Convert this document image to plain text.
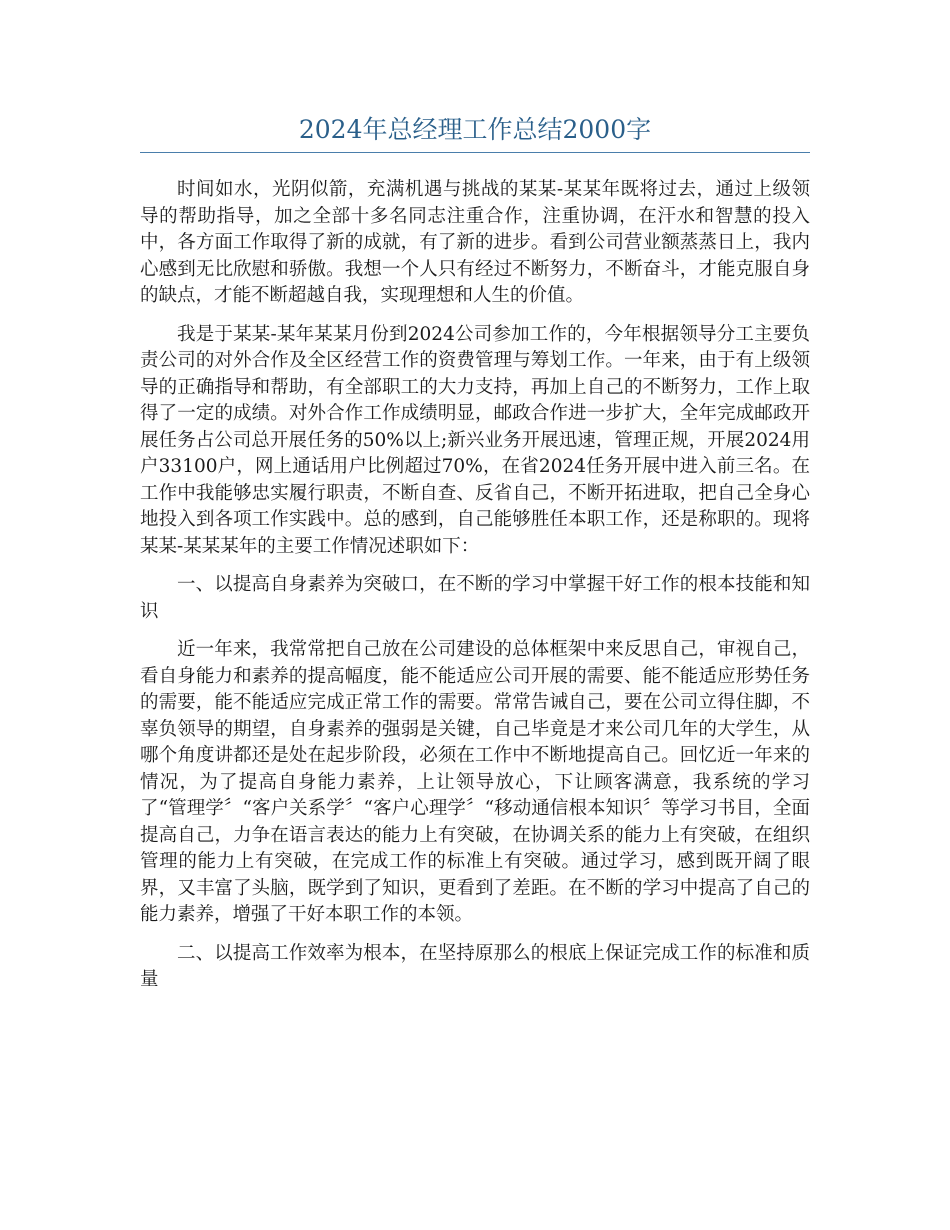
2024年总经理工作总结2000字

时间如水，光阴似箭，充满机遇与挑战的某某-某某年既将过去，通过上级领导的帮助指导，加之全部十多名同志注重合作，注重协调，在汗水和智慧的投入中，各方面工作取得了新的成就，有了新的进步。看到公司营业额蒸蒸日上，我内心感到无比欣慰和骄傲。我想一个人只有经过不断努力，不断奋斗，才能克服自身的缺点，才能不断超越自我，实现理想和人生的价值。

我是于某某-某年某某月份到2024公司参加工作的，今年根据领导分工主要负责公司的对外合作及全区经营工作的资费管理与筹划工作。一年来，由于有上级领导的正确指导和帮助，有全部职工的大力支持，再加上自己的不断努力，工作上取得了一定的成绩。对外合作工作成绩明显，邮政合作进一步扩大，全年完成邮政开展任务占公司总开展任务的50%以上;新兴业务开展迅速，管理正规，开展2024用户33100户，网上通话用户比例超过70%，在省2024任务开展中进入前三名。在工作中我能够忠实履行职责，不断自查、反省自己，不断开拓进取，把自己全身心地投入到各项工作实践中。总的感到，自己能够胜任本职工作，还是称职的。现将某某-某某某年的主要工作情况述职如下：

一、以提高自身素养为突破口，在不断的学习中掌握干好工作的根本技能和知识

近一年来，我常常把自己放在公司建设的总体框架中来反思自己，审视自己，看自身能力和素养的提高幅度，能不能适应公司开展的需要、能不能适应形势任务的需要，能不能适应完成正常工作的需要。常常告诫自己，要在公司立得住脚，不辜负领导的期望，自身素养的强弱是关键，自己毕竟是才来公司几年的大学生，从哪个角度讲都还是处在起步阶段，必须在工作中不断地提高自己。回忆近一年来的情况，为了提高自身能力素养，上让领导放心，下让顾客满意，我系统的学习了“管理学〞“客户关系学〞“客户心理学〞“移动通信根本知识〞等学习书目，全面提高自己，力争在语言表达的能力上有突破，在协调关系的能力上有突破，在组织管理的能力上有突破，在完成工作的标准上有突破。通过学习，感到既开阔了眼界，又丰富了头脑，既学到了知识，更看到了差距。在不断的学习中提高了自己的能力素养，增强了干好本职工作的本领。

二、以提高工作效率为根本，在坚持原那么的根底上保证完成工作的标准和质量
